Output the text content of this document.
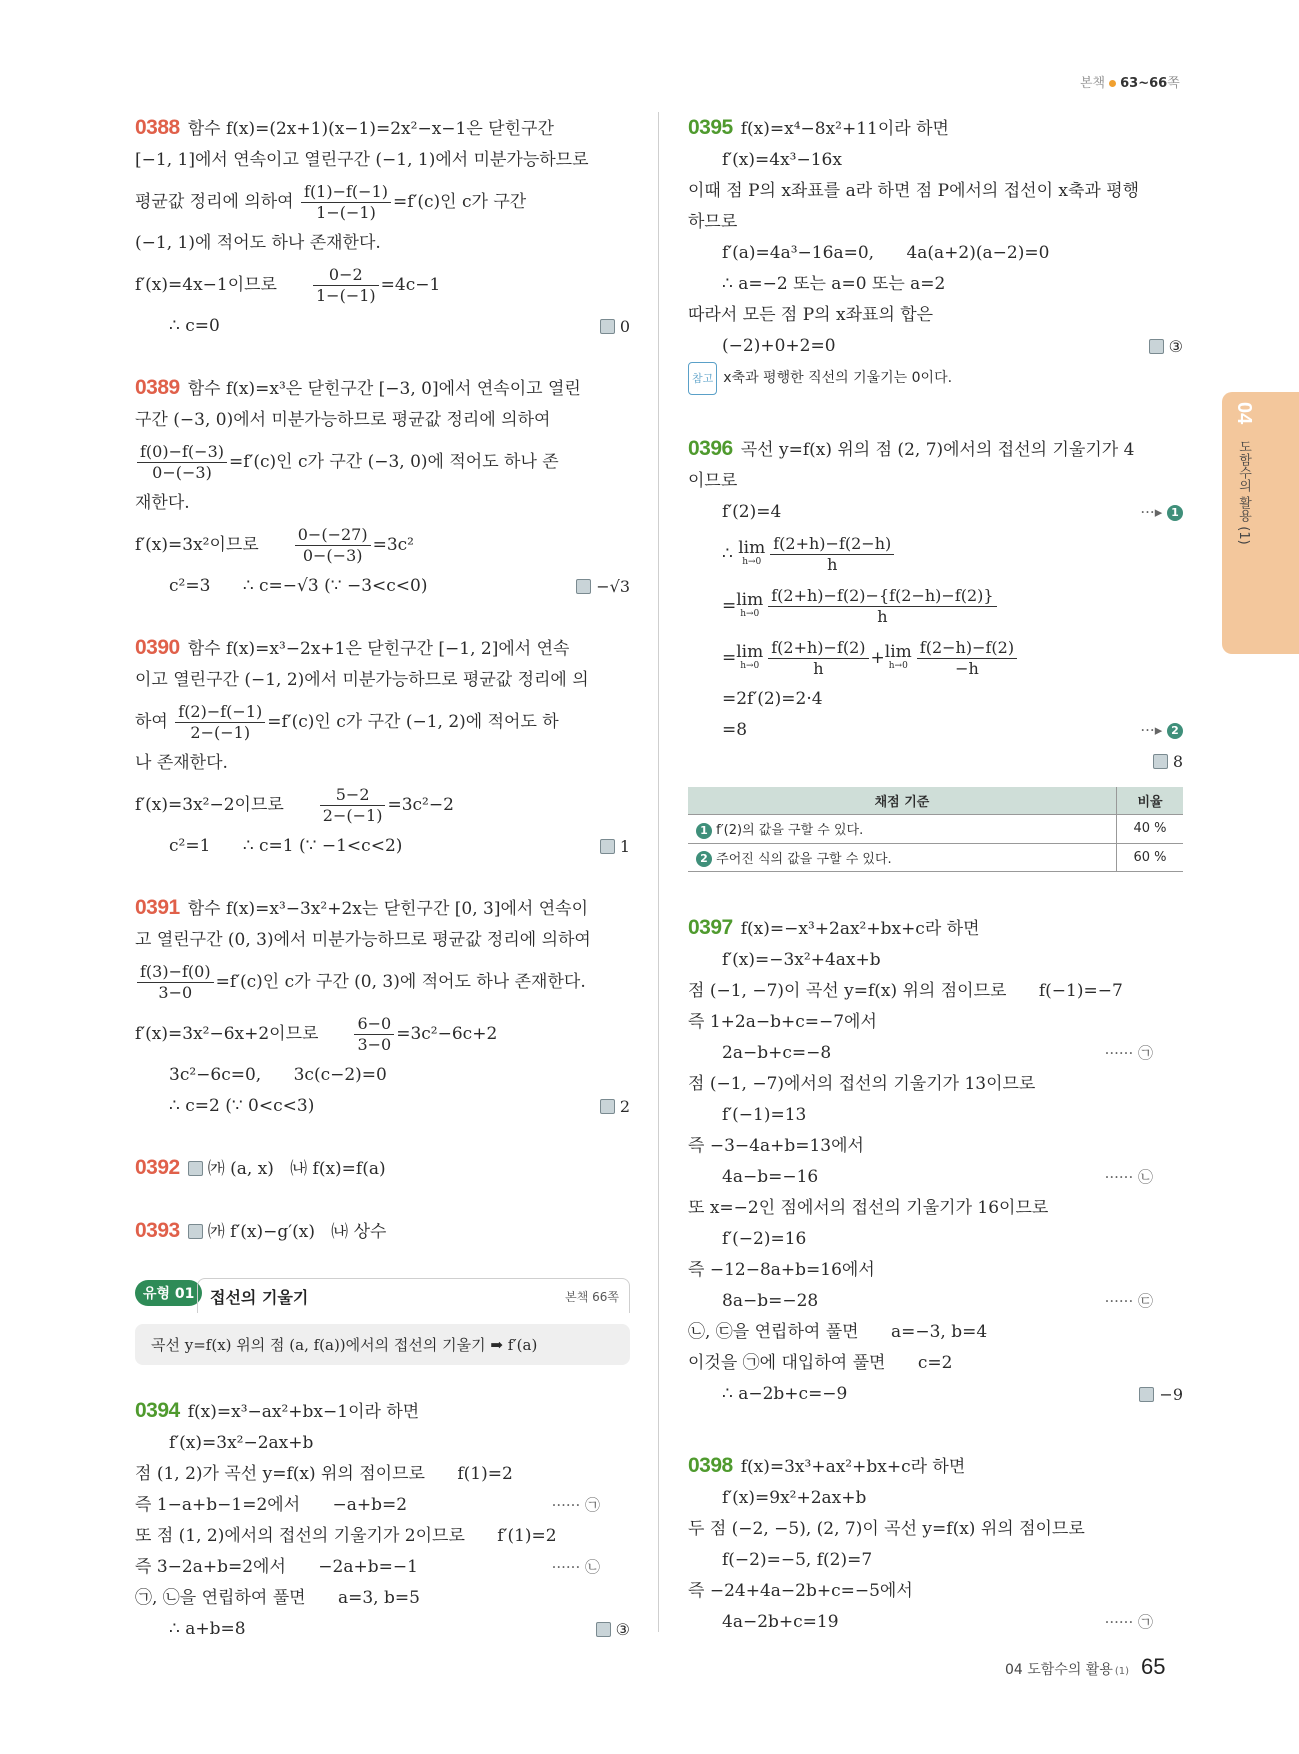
본책 63~66쪽
0388 함수 f(x)=(2x+1)(x−1)=2x²−x−1은 닫힌구간
[−1, 1]에서 연속이고 열린구간 (−1, 1)에서 미분가능하므로
평균값 정리에 의하여 $\frac{f(1)-f(-1)}{1-(-1)} =f'(c)$인 c가 구간
(−1, 1)에 적어도 하나 존재한다.
f′(x)=4x−1이므로   $\frac{0-2}{1-(-1)} =4c-1$
∴ c=0	0
0389 함수 f(x)=x³은 닫힌구간 [−3, 0]에서 연속이고 열린
구간 (−3, 0)에서 미분가능하므로 평균값 정리에 의하여
$\frac{f(0)-f(-3)}{0-(-3)} =f'(c)$인 c가 구간 (−3, 0)에 적어도 하나 존
재한다.
f′(x)=3x²이므로   $\frac{0-(-27)}{0-(-3)} =3c^2$
c²=3      ∴ c=−√3 (∵ −3<c<0)	−√3
0390 함수 f(x)=x³−2x+1은 닫힌구간 [−1, 2]에서 연속
이고 열린구간 (−1, 2)에서 미분가능하므로 평균값 정리에 의
하여 $\frac{f(2)-f(-1)}{2-(-1)} =f'(c)$인 c가 구간 (−1, 2)에 적어도 하
나 존재한다.
f′(x)=3x²−2이므로   $\frac{5-2}{2-(-1)} =3c^2-2$
c²=1      ∴ c=1 (∵ −1<c<2)	1
0391 함수 f(x)=x³−3x²+2x는 닫힌구간 [0, 3]에서 연속이
고 열린구간 (0, 3)에서 미분가능하므로 평균값 정리에 의하여
$\frac{f(3)-f(0)}{3-0} =f'(c)$인 c가 구간 (0, 3)에 적어도 하나 존재한다.
f′(x)=3x²−6x+2이므로   $\frac{6-0}{3-0} =3c^2-6c+2$
3c²−6c=0,      3c(c−2)=0
∴ c=2 (∵ 0<c<3)	2
0392 ㈎ (a, x)   ㈏ f(x)=f(a)
0393 ㈎ f′(x)−g′(x)   ㈏ 상수
유형 01 접선의 기울기	본책 66쪽
곡선 y=f(x) 위의 점 (a, f(a))에서의 접선의 기울기 ➡ f′(a)
0394 f(x)=x³−ax²+bx−1이라 하면
f′(x)=3x²−2ax+b
점 (1, 2)가 곡선 y=f(x) 위의 점이므로      f(1)=2
즉 1−a+b−1=2에서      −a+b=2	······ ㉠
또 점 (1, 2)에서의 접선의 기울기가 2이므로      f′(1)=2
즉 3−2a+b=2에서      −2a+b=−1	······ ㉡
㉠, ㉡을 연립하여 풀면      a=3, b=5
∴ a+b=8	③
0395 f(x)=x⁴−8x²+11이라 하면
f′(x)=4x³−16x
이때 점 P의 x좌표를 a라 하면 점 P에서의 접선이 x축과 평행
하므로
f′(a)=4a³−16a=0,      4a(a+2)(a−2)=0
∴ a=−2 또는 a=0 또는 a=2
따라서 모든 점 P의 x좌표의 합은
(−2)+0+2=0	③
참고 x축과 평행한 직선의 기울기는 0이다.
0396 곡선 y=f(x) 위의 점 (2, 7)에서의 접선의 기울기가 4
이므로
f′(2)=4	···▸ 1
∴ lim
$h\to 0 \frac{f(2+h)-f(2-h)}{h}$
=lim
$h\to 0 \frac{f(2+h)-f(2)-\{f(2-h)-f(2)\}}{h}$
=lim
$h\to 0 \frac{f(2+h)-f(2)}{h} +\lim$
$h\to 0 \frac{f(2-h)-f(2)}{-h}$
=2f′(2)=2·4
=8	···▸ 2
8

채점 기준	비율
1 f′(2)의 값을 구할 수 있다.	40 %
2 주어진 식의 값을 구할 수 있다.	60 %
0397 f(x)=−x³+2ax²+bx+c라 하면
f′(x)=−3x²+4ax+b
점 (−1, −7)이 곡선 y=f(x) 위의 점이므로      f(−1)=−7
즉 1+2a−b+c=−7에서
2a−b+c=−8	······ ㉠
점 (−1, −7)에서의 접선의 기울기가 13이므로
f′(−1)=13
즉 −3−4a+b=13에서
4a−b=−16	······ ㉡
또 x=−2인 점에서의 접선의 기울기가 16이므로
f′(−2)=16
즉 −12−8a+b=16에서
8a−b=−28	······ ㉢
㉡, ㉢을 연립하여 풀면      a=−3, b=4
이것을 ㉠에 대입하여 풀면      c=2
∴ a−2b+c=−9	−9
0398 f(x)=3x³+ax²+bx+c라 하면
f′(x)=9x²+2ax+b
두 점 (−2, −5), (2, 7)이 곡선 y=f(x) 위의 점이므로
f(−2)=−5, f(2)=7
즉 −24+4a−2b+c=−5에서
4a−2b+c=19	······ ㉠
04
도함수의 활용 (1)
04 도함수의 활용 (1) 65
